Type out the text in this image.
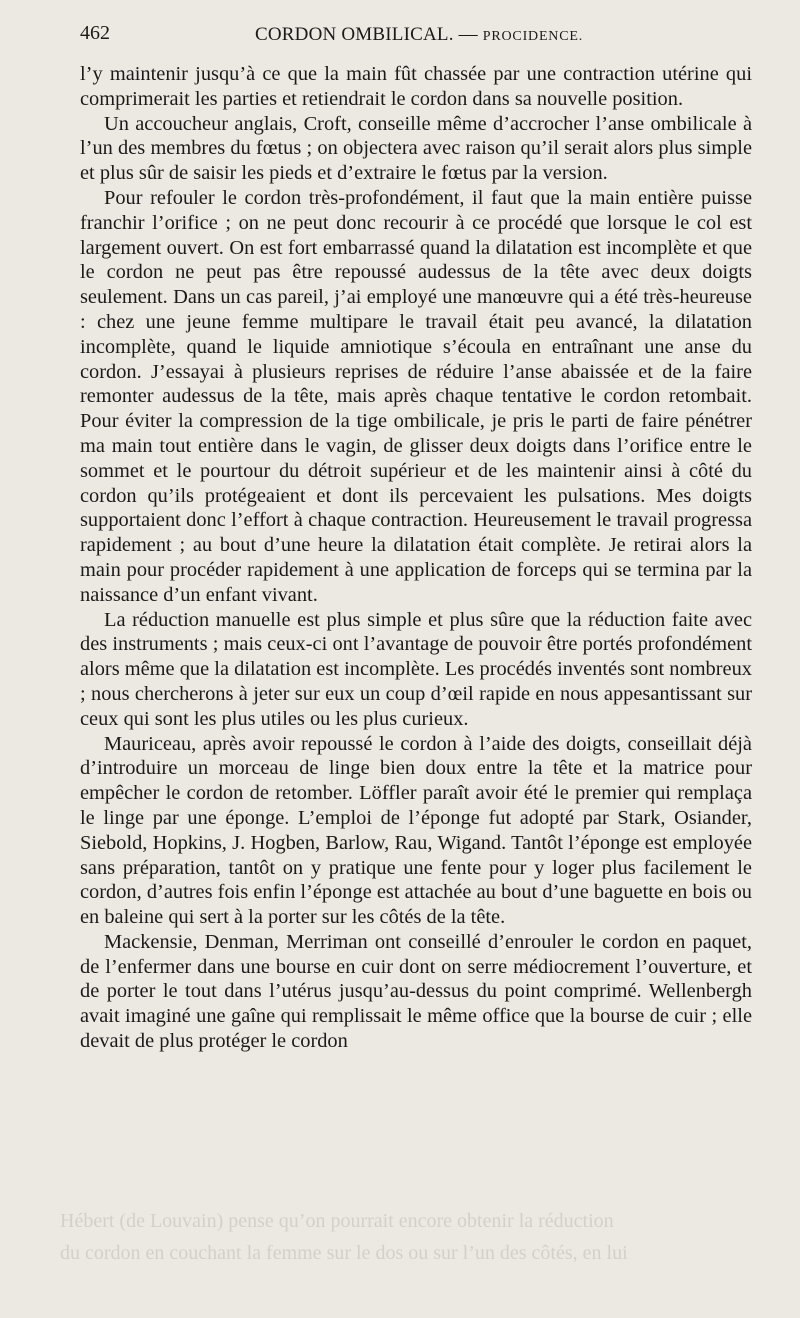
462	CORDON OMBILICAL. — PROCIDENCE.

l’y maintenir jusqu’à ce que la main fût chassée par une contraction utérine qui comprimerait les parties et retiendrait le cordon dans sa nouvelle position.

Un accoucheur anglais, Croft, conseille même d’accrocher l’anse ombilicale à l’un des membres du fœtus ; on objectera avec raison qu’il serait alors plus simple et plus sûr de saisir les pieds et d’extraire le fœtus par la version.

Pour refouler le cordon très-profondément, il faut que la main entière puisse franchir l’orifice ; on ne peut donc recourir à ce procédé que lorsque le col est largement ouvert. On est fort embarrassé quand la dilatation est incomplète et que le cordon ne peut pas être repoussé audessus de la tête avec deux doigts seulement. Dans un cas pareil, j’ai employé une manœuvre qui a été très-heureuse : chez une jeune femme multipare le travail était peu avancé, la dilatation incomplète, quand le liquide amniotique s’écoula en entraînant une anse du cordon. J’essayai à plusieurs reprises de réduire l’anse abaissée et de la faire remonter audessus de la tête, mais après chaque tentative le cordon retombait. Pour éviter la compression de la tige ombilicale, je pris le parti de faire pénétrer ma main tout entière dans le vagin, de glisser deux doigts dans l’orifice entre le sommet et le pourtour du détroit supérieur et de les maintenir ainsi à côté du cordon qu’ils protégeaient et dont ils percevaient les pulsations. Mes doigts supportaient donc l’effort à chaque contraction. Heureusement le travail progressa rapidement ; au bout d’une heure la dilatation était complète. Je retirai alors la main pour procéder rapidement à une application de forceps qui se termina par la naissance d’un enfant vivant.

La réduction manuelle est plus simple et plus sûre que la réduction faite avec des instruments ; mais ceux-ci ont l’avantage de pouvoir être portés profondément alors même que la dilatation est incomplète. Les procédés inventés sont nombreux ; nous chercherons à jeter sur eux un coup d’œil rapide en nous appesantissant sur ceux qui sont les plus utiles ou les plus curieux.

Mauriceau, après avoir repoussé le cordon à l’aide des doigts, conseillait déjà d’introduire un morceau de linge bien doux entre la tête et la matrice pour empêcher le cordon de retomber. Löffler paraît avoir été le premier qui remplaça le linge par une éponge. L’emploi de l’éponge fut adopté par Stark, Osiander, Siebold, Hopkins, J. Hogben, Barlow, Rau, Wigand. Tantôt l’éponge est employée sans préparation, tantôt on y pratique une fente pour y loger plus facilement le cordon, d’autres fois enfin l’éponge est attachée au bout d’une baguette en bois ou en baleine qui sert à la porter sur les côtés de la tête.

Mackensie, Denman, Merriman ont conseillé d’enrouler le cordon en paquet, de l’enfermer dans une bourse en cuir dont on serre médiocrement l’ouverture, et de porter le tout dans l’utérus jusqu’au-dessus du point comprimé. Wellenbergh avait imaginé une gaîne qui remplissait le même office que la bourse de cuir ; elle devait de plus protéger le cordon

Hébert (de Louvain) pense qu’on pourrait encore obtenir la réduction
du cordon en couchant la femme sur le dos ou sur l’un des côtés, en lui
